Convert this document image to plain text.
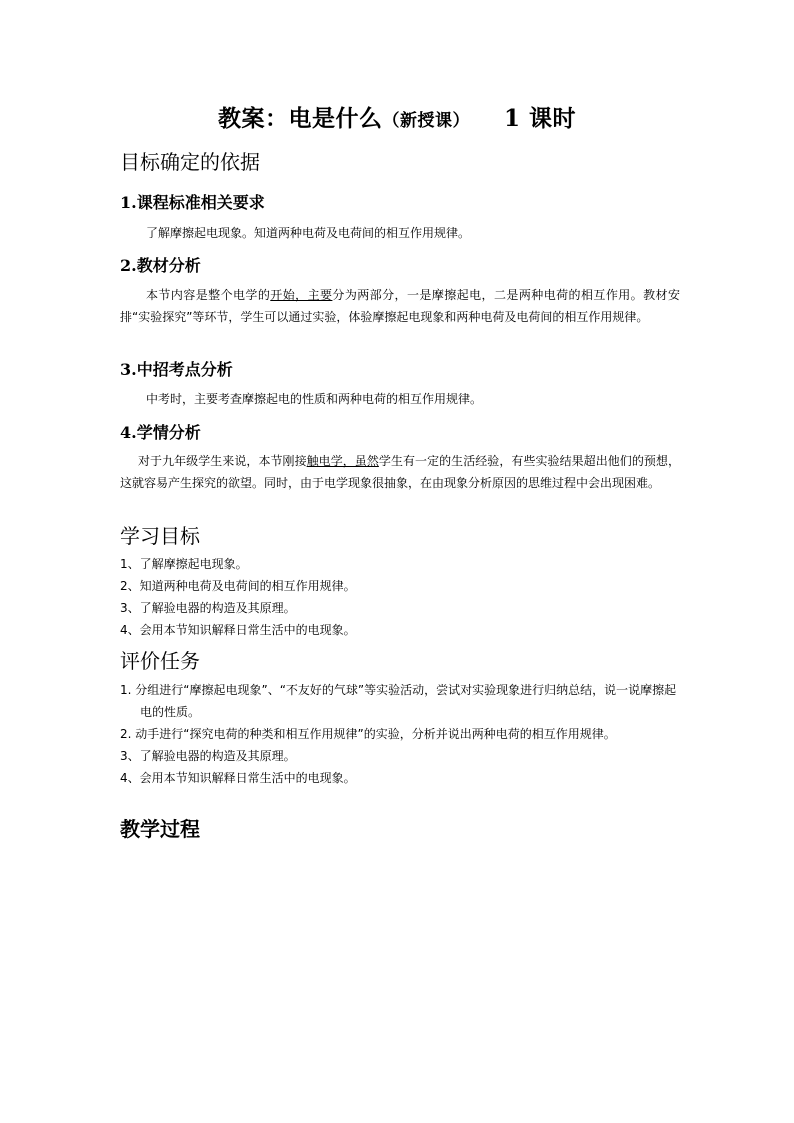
教案：电是什么（新授课） 1 课时
目标确定的依据
1.课程标准相关要求
了解摩擦起电现象。知道两种电荷及电荷间的相互作用规律。
2.教材分析
本节内容是整个电学的开始，主要分为两部分，一是摩擦起电，二是两种电荷的相互作用。教材安排“实验探究”等环节，学生可以通过实验，体验摩擦起电现象和两种电荷及电荷间的相互作用规律。
3.中招考点分析
中考时，主要考查摩擦起电的性质和两种电荷的相互作用规律。
4.学情分析
对于九年级学生来说，本节刚接触电学，虽然学生有一定的生活经验，有些实验结果超出他们的预想，这就容易产生探究的欲望。同时，由于电学现象很抽象，在由现象分析原因的思维过程中会出现困难。
学习目标
1、了解摩擦起电现象。
2、知道两种电荷及电荷间的相互作用规律。
3、了解验电器的构造及其原理。
4、会用本节知识解释日常生活中的电现象。
评价任务
1. 分组进行“摩擦起电现象”、“不友好的气球”等实验活动，尝试对实验现象进行归纳总结，说一说摩擦起电的性质。
2. 动手进行“探究电荷的种类和相互作用规律”的实验，分析并说出两种电荷的相互作用规律。
3、了解验电器的构造及其原理。
4、会用本节知识解释日常生活中的电现象。
教学过程
